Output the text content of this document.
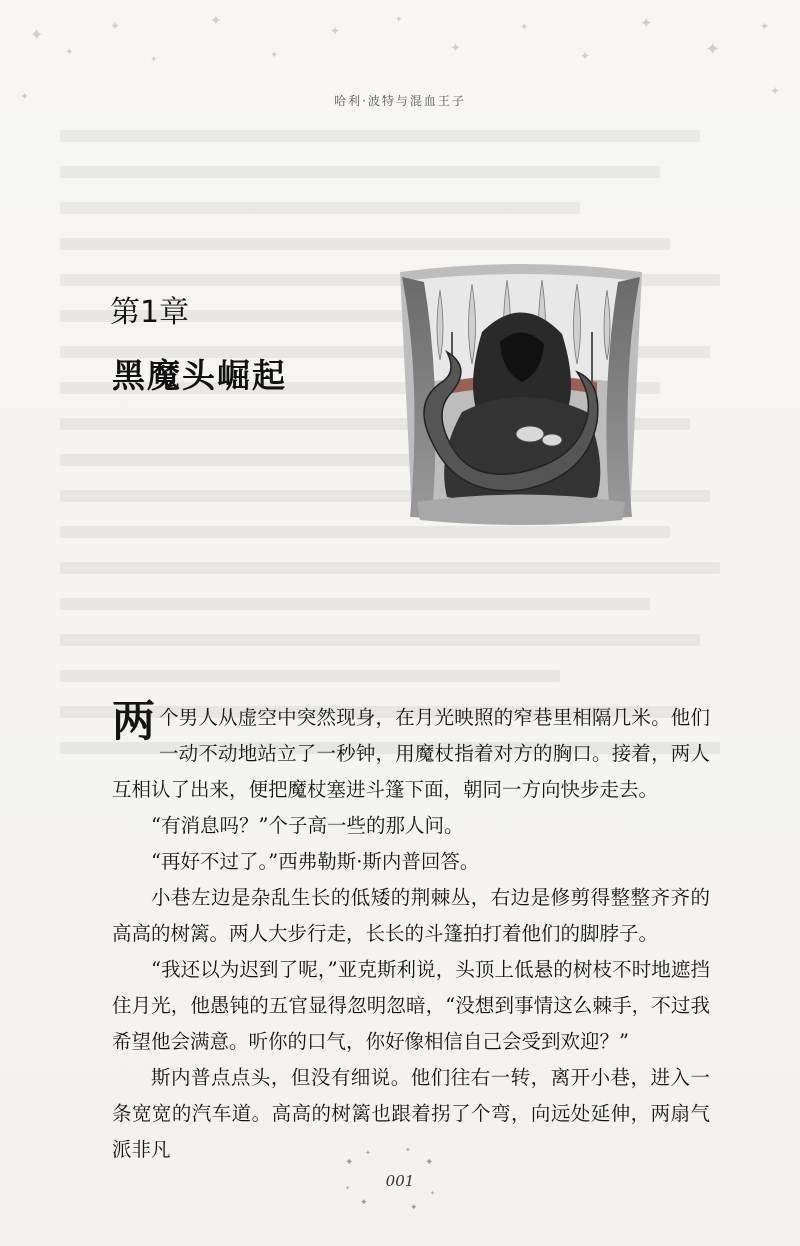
✦
✦
✦
✦
✦
✦
✦
✦
✦
✦
✦
✦
✦
✦
✦	✦
✦	✦
✦	✦
✦	✦
✦
✦
哈利·波特与混血王子
第1章
黑魔头崛起

两个男人从虚空中突然现身，在月光映照的窄巷里相隔几米。他们一动不动地站立了一秒钟，用魔杖指着对方的胸口。接着，两人互相认了出来，便把魔杖塞进斗篷下面，朝同一方向快步走去。

“有消息吗？”个子高一些的那人问。

“再好不过了。”西弗勒斯·斯内普回答。

小巷左边是杂乱生长的低矮的荆棘丛，右边是修剪得整整齐齐的高高的树篱。两人大步行走，长长的斗篷拍打着他们的脚脖子。

“我还以为迟到了呢，”亚克斯利说，头顶上低悬的树枝不时地遮挡住月光，他愚钝的五官显得忽明忽暗，“没想到事情这么棘手，不过我希望他会满意。听你的口气，你好像相信自己会受到欢迎？”

斯内普点点头，但没有细说。他们往右一转，离开小巷，进入一条宽宽的汽车道。高高的树篱也跟着拐了个弯，向远处延伸，两扇气派非凡

001
